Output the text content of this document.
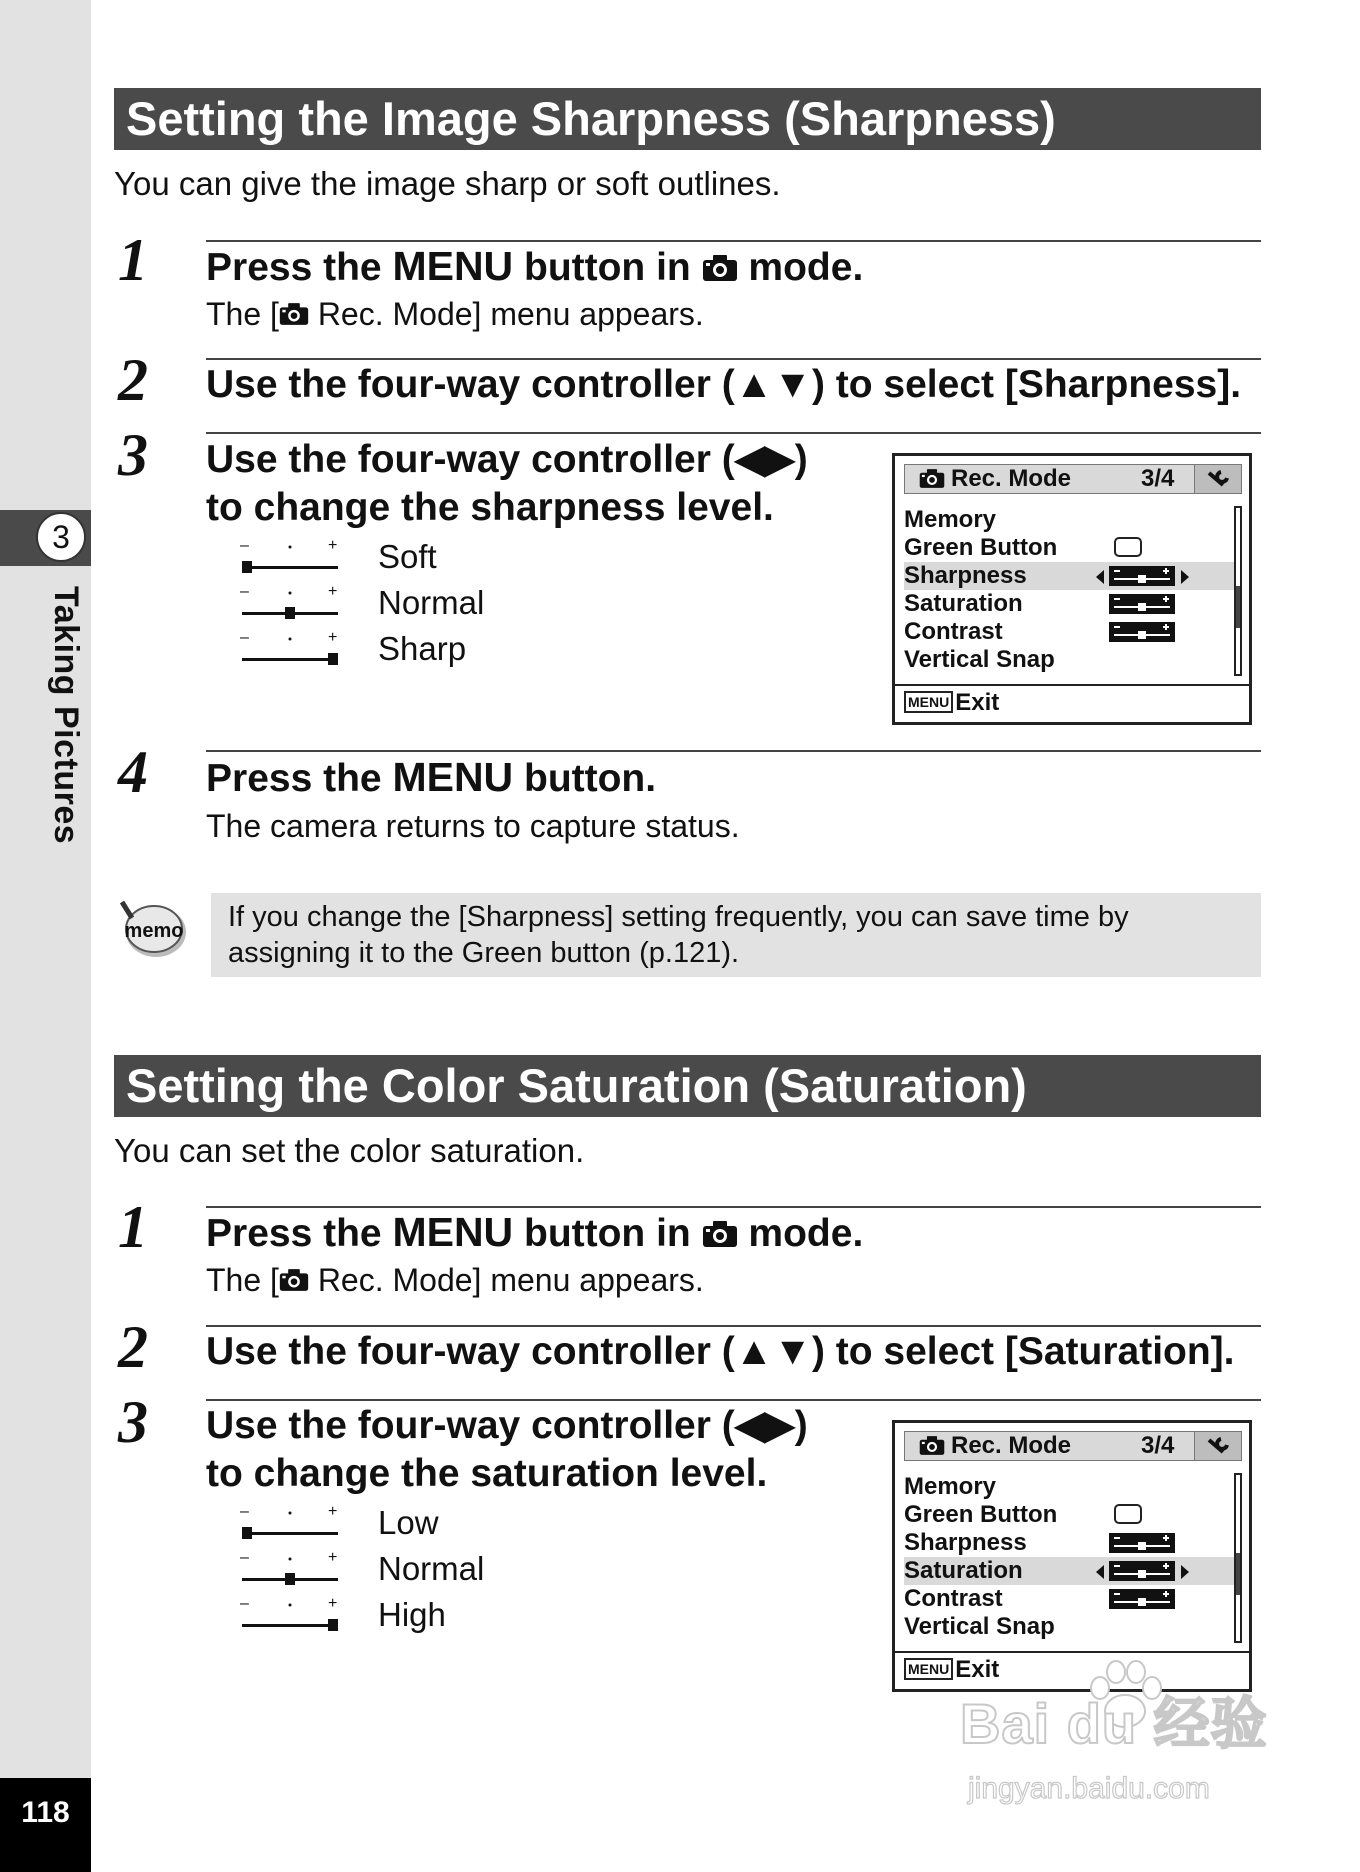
3
Taking Pictures
118
Setting the Image Sharpness (Sharpness)
You can give the image sharp or soft outlines.
1 Press the MENU button in  mode.
The [ Rec. Mode] menu appears.
2 Use the four-way controller (▲▼) to select [Sharpness].
3 Use the four-way controller (◀▶)
to change the sharpness level.
–	+ Soft
–	+ Normal
–	+ Sharp
Rec. Mode	3/4
Memory
Green Button
Sharpness
Saturation
Contrast
Vertical Snap
MENU Exit
4 Press the MENU button.
The camera returns to capture status.
memo If you change the [Sharpness] setting frequently, you can save time by
assigning it to the Green button (p.121).
Setting the Color Saturation (Saturation)
You can set the color saturation.
1 Press the MENU button in  mode.
The [ Rec. Mode] menu appears.
2 Use the four-way controller (▲▼) to select [Saturation].
3 Use the four-way controller (◀▶)
to change the saturation level.
–	+ Low
–	+ Normal
–	+ High
Rec. Mode	3/4
Memory
Green Button
Sharpness
Saturation
Contrast
Vertical Snap
MENU Exit
Bai du 经验
jingyan.baidu.com
